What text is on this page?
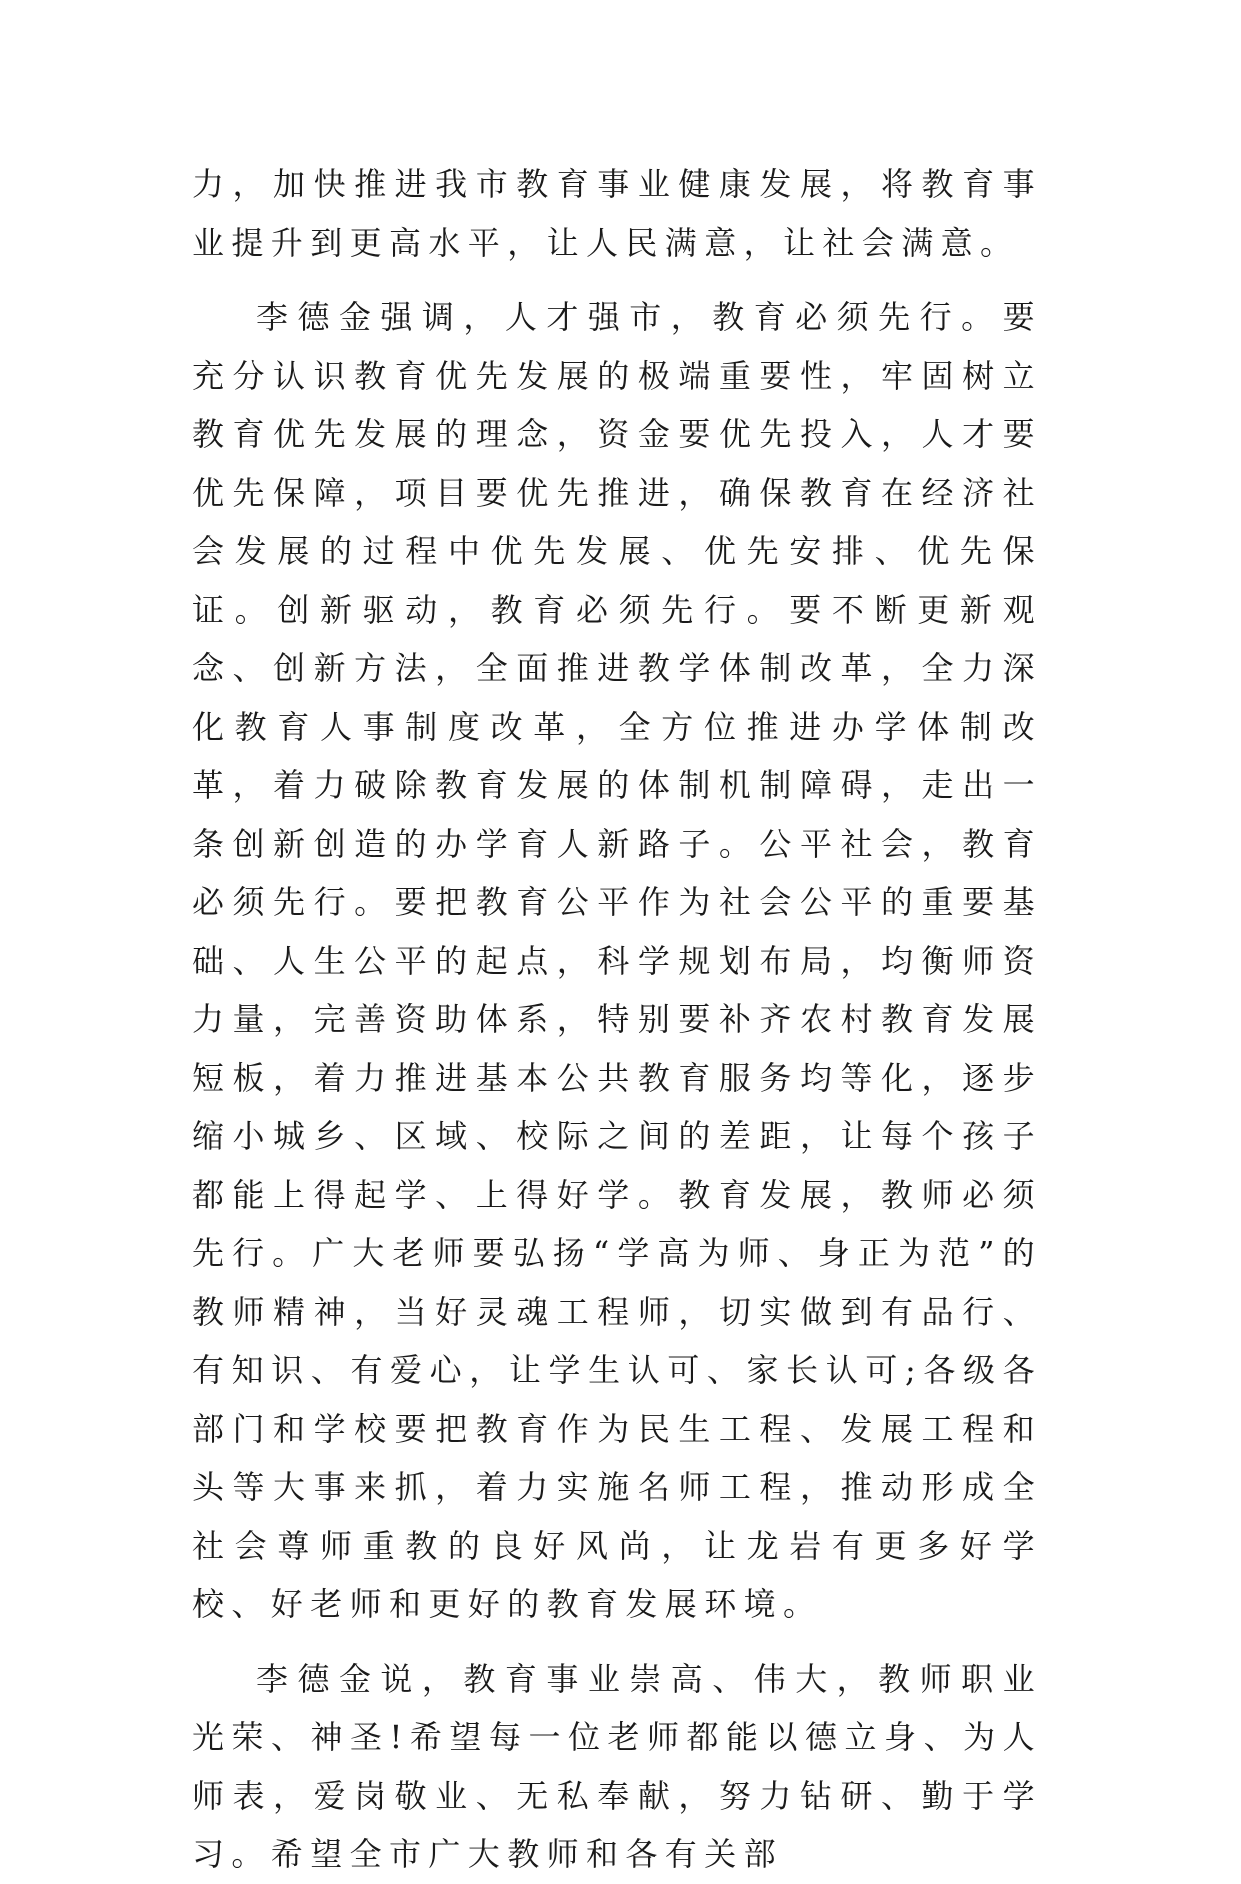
力，加快推进我市教育事业健康发展，将教育事业提升到更高水平，让人民满意，让社会满意。

李德金强调，人才强市，教育必须先行。要充分认识教育优先发展的极端重要性，牢固树立教育优先发展的理念，资金要优先投入，人才要优先保障，项目要优先推进，确保教育在经济社会发展的过程中优先发展、优先安排、优先保证。创新驱动，教育必须先行。要不断更新观念、创新方法，全面推进教学体制改革，全力深化教育人事制度改革，全方位推进办学体制改革，着力破除教育发展的体制机制障碍，走出一条创新创造的办学育人新路子。公平社会，教育必须先行。要把教育公平作为社会公平的重要基础、人生公平的起点，科学规划布局，均衡师资力量，完善资助体系，特别要补齐农村教育发展短板，着力推进基本公共教育服务均等化，逐步缩小城乡、区域、校际之间的差距，让每个孩子都能上得起学、上得好学。教育发展，教师必须先行。广大老师要弘扬“学高为师、身正为范”的教师精神，当好灵魂工程师，切实做到有品行、有知识、有爱心，让学生认可、家长认可;各级各部门和学校要把教育作为民生工程、发展工程和头等大事来抓，着力实施名师工程，推动形成全社会尊师重教的良好风尚，让龙岩有更多好学校、好老师和更好的教育发展环境。

李德金说，教育事业崇高、伟大，教师职业光荣、神圣!希望每一位老师都能以德立身、为人师表，爱岗敬业、无私奉献，努力钻研、勤于学习。希望全市广大教师和各有关部
